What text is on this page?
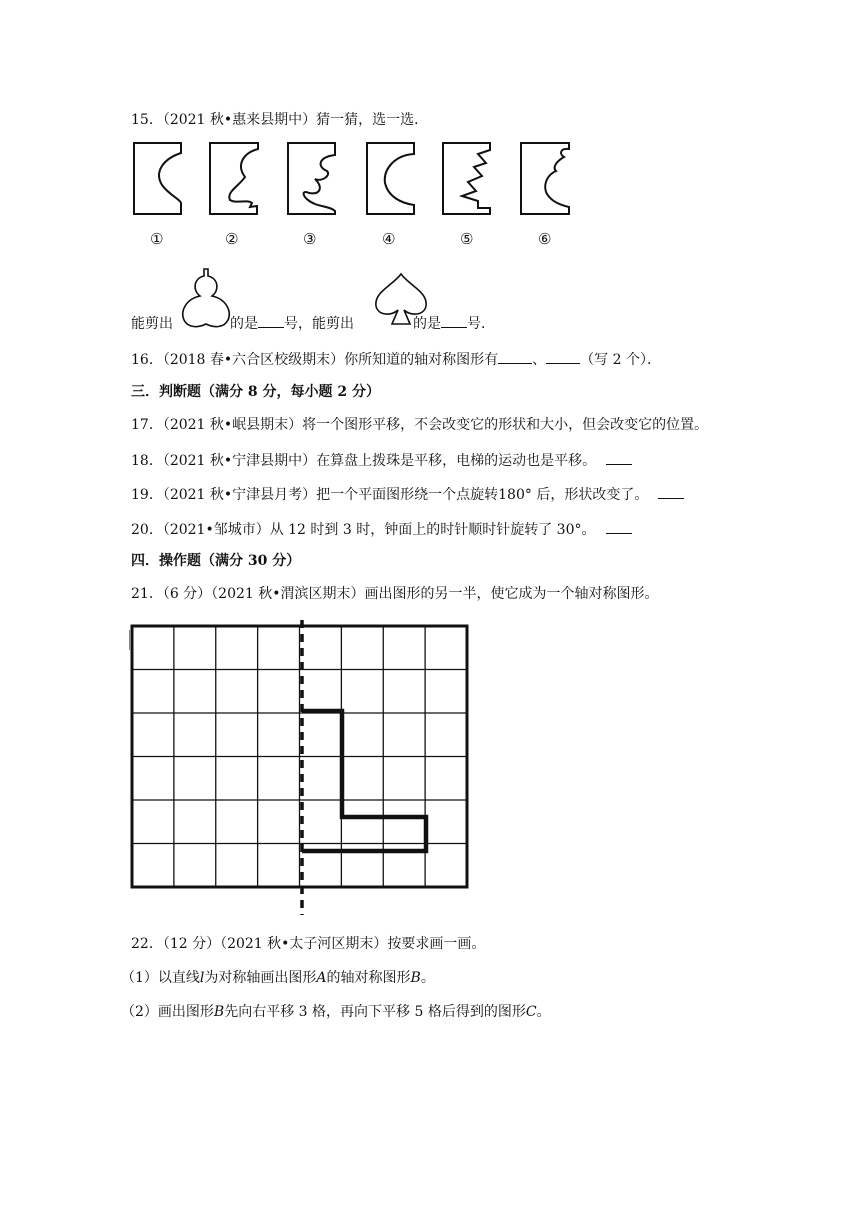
15．（2021 秋•惠来县期中）猜一猜，选一选．
①	②	③	④	⑤	⑥
能剪出	的是 号，能剪出	的是 号．
16．（2018 春•六合区校级期末）你所知道的轴对称图形有 、 （写 2 个）．
三．判断题（满分 8 分，每小题 2 分）
17．（2021 秋•岷县期末）将一个图形平移，不会改变它的形状和大小，但会改变它的位置。
18．（2021 秋•宁津县期中）在算盘上拨珠是平移，电梯的运动也是平移。
19．（2021 秋•宁津县月考）把一个平面图形绕一个点旋转180° 后，形状改变了。
20．（2021•邹城市）从 12 时到 3 时，钟面上的时针顺时针旋转了 30°。
四．操作题（满分 30 分）
21．（6 分）（2021 秋•渭滨区期末）画出图形的另一半，使它成为一个轴对称图形。
22．（12 分）（2021 秋•太子河区期末）按要求画一画。
（1）以直线l为对称轴画出图形A的轴对称图形B。
（2）画出图形B先向右平移 3 格，再向下平移 5 格后得到的图形C。
